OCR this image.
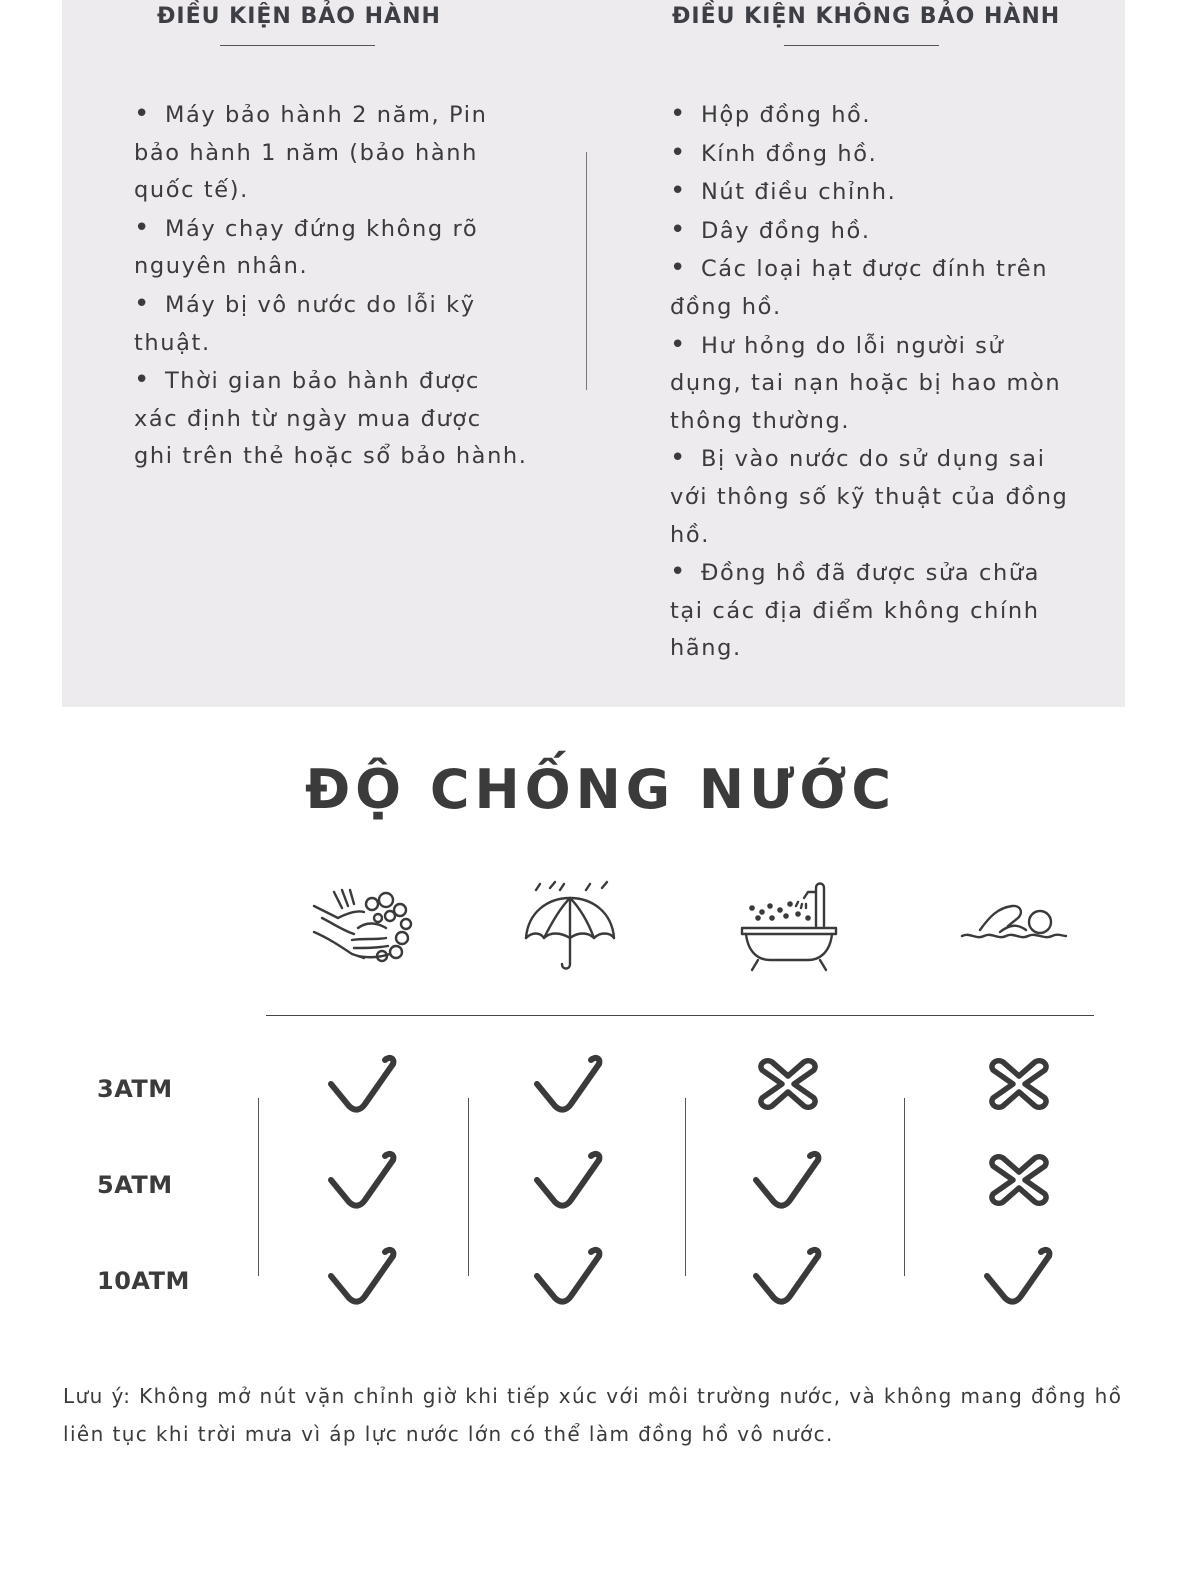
ĐIỀU KIỆN BẢO HÀNH
• Máy bảo hành 2 năm, Pin bảo hành 1 năm (bảo hành quốc tế).
• Máy chạy đứng không rõ nguyên nhân.
• Máy bị vô nước do lỗi kỹ thuật.
• Thời gian bảo hành được xác định từ ngày mua được ghi trên thẻ hoặc sổ bảo hành.
ĐIỀU KIỆN KHÔNG BẢO HÀNH
• Hộp đồng hồ.
• Kính đồng hồ.
• Nút điều chỉnh.
• Dây đồng hồ.
• Các loại hạt được đính trên đồng hồ.
• Hư hỏng do lỗi người sử dụng, tai nạn hoặc bị hao mòn thông thường.
• Bị vào nước do sử dụng sai với thông số kỹ thuật của đồng hồ.
• Đồng hồ đã được sửa chữa tại các địa điểm không chính hãng.
ĐỘ CHỐNG NƯỚC
3ATM
5ATM
10ATM

Lưu ý: Không mở nút vặn chỉnh giờ khi tiếp xúc với môi trường nước, và không mang đồng hồ liên tục khi trời mưa vì áp lực nước lớn có thể làm đồng hồ vô nước.
